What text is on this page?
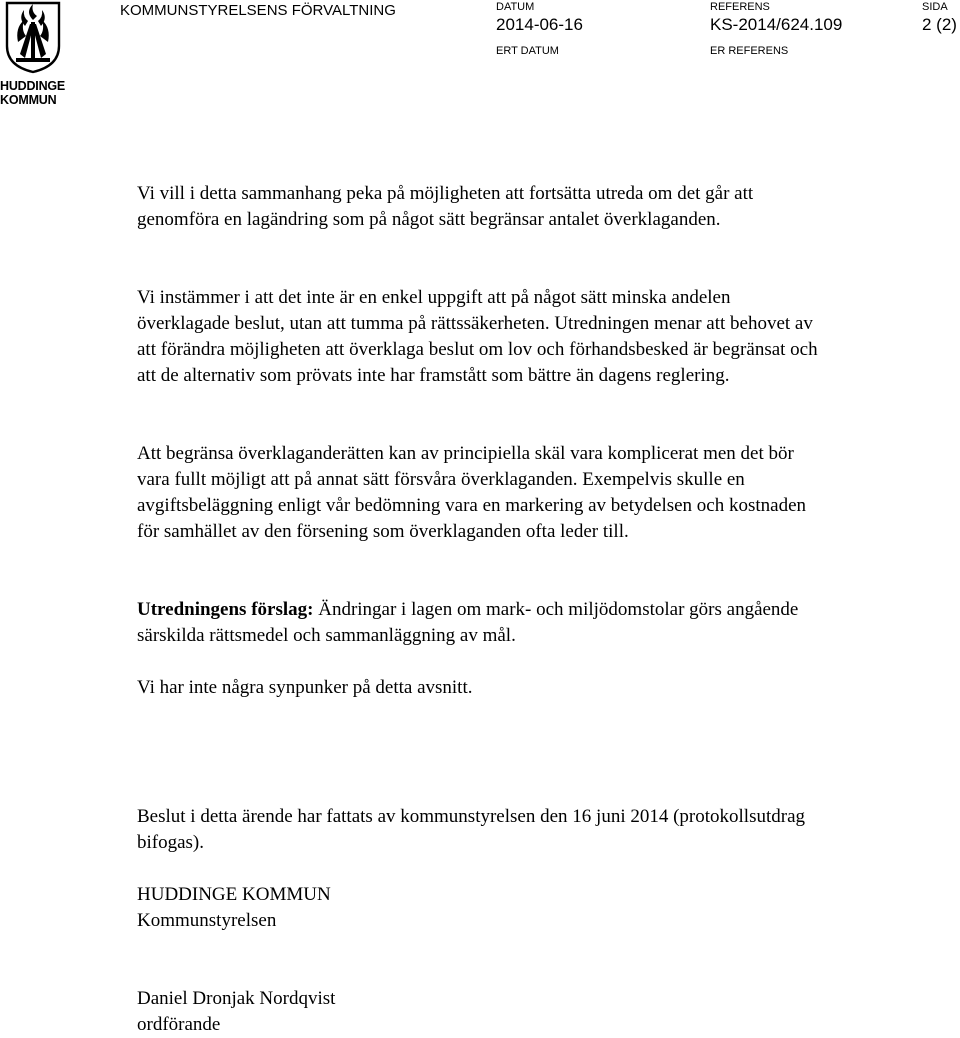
HUDDINGE
KOMMUN
KOMMUNSTYRELSENS FÖRVALTNING	DATUM
2014-06-16
ERT DATUM
REFERENS
KS-2014/624.109
ER REFERENS
SIDA
2 (2)

Vi vill i detta sammanhang peka på möjligheten att fortsätta utreda om det går att genomföra en lagändring som på något sätt begränsar antalet överklaganden.

Vi instämmer i att det inte är en enkel uppgift att på något sätt minska andelen överklagade beslut, utan att tumma på rättssäkerheten. Utredningen menar att behovet av att förändra möjligheten att överklaga beslut om lov och förhandsbesked är begränsat och att de alternativ som prövats inte har framstått som bättre än dagens reglering.

Att begränsa överklaganderätten kan av principiella skäl vara komplicerat men det bör vara fullt möjligt att på annat sätt försvåra överklaganden. Exempelvis skulle en avgiftsbeläggning enligt vår bedömning vara en markering av betydelsen och kostnaden för samhället av den försening som överklaganden ofta leder till.

Utredningens förslag: Ändringar i lagen om mark- och miljödomstolar görs angående särskilda rättsmedel och sammanläggning av mål.

Vi har inte några synpunker på detta avsnitt.

Beslut i detta ärende har fattats av kommunstyrelsen den 16 juni 2014 (protokollsutdrag bifogas).

HUDDINGE KOMMUN
Kommunstyrelsen
Daniel Dronjak Nordqvist
ordförande
